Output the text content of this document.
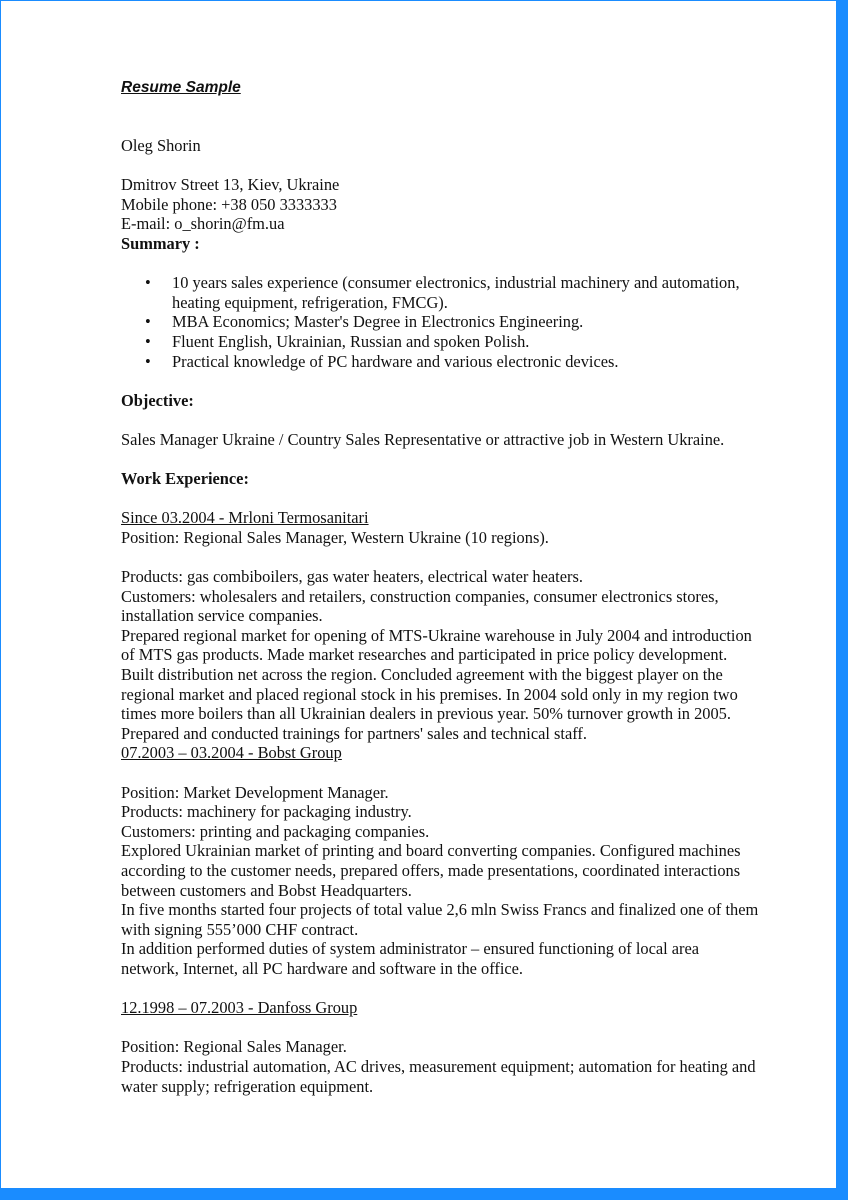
Resume Sample
Oleg Shorin
Dmitrov Street 13, Kiev, Ukraine
Mobile phone: +38 050 3333333
E-mail: o_shorin@fm.ua
Summary :
• 10 years sales experience (consumer electronics, industrial machinery and automation,
heating equipment, refrigeration, FMCG).
• MBA Economics; Master's Degree in Electronics Engineering.
• Fluent English, Ukrainian, Russian and spoken Polish.
• Practical knowledge of PC hardware and various electronic devices.
Objective:
Sales Manager Ukraine / Country Sales Representative or attractive job in Western Ukraine.
Work Experience:
Since 03.2004 - Mrloni Termosanitari
Position: Regional Sales Manager, Western Ukraine (10 regions).
Products: gas combiboilers, gas water heaters, electrical water heaters.
Customers: wholesalers and retailers, construction companies, consumer electronics stores,
installation service companies.
Prepared regional market for opening of MTS-Ukraine warehouse in July 2004 and introduction
of MTS gas products. Made market researches and participated in price policy development.
Built distribution net across the region. Concluded agreement with the biggest player on the
regional market and placed regional stock in his premises. In 2004 sold only in my region two
times more boilers than all Ukrainian dealers in previous year. 50% turnover growth in 2005.
Prepared and conducted trainings for partners' sales and technical staff.
07.2003 – 03.2004 - Bobst Group
Position: Market Development Manager.
Products: machinery for packaging industry.
Customers: printing and packaging companies.
Explored Ukrainian market of printing and board converting companies. Configured machines
according to the customer needs, prepared offers, made presentations, coordinated interactions
between customers and Bobst Headquarters.
In five months started four projects of total value 2,6 mln Swiss Francs and finalized one of them
with signing 555’000 CHF contract.
In addition performed duties of system administrator – ensured functioning of local area
network, Internet, all PC hardware and software in the office.
12.1998 – 07.2003 - Danfoss Group
Position: Regional Sales Manager.
Products: industrial automation, AC drives, measurement equipment; automation for heating and
water supply; refrigeration equipment.
